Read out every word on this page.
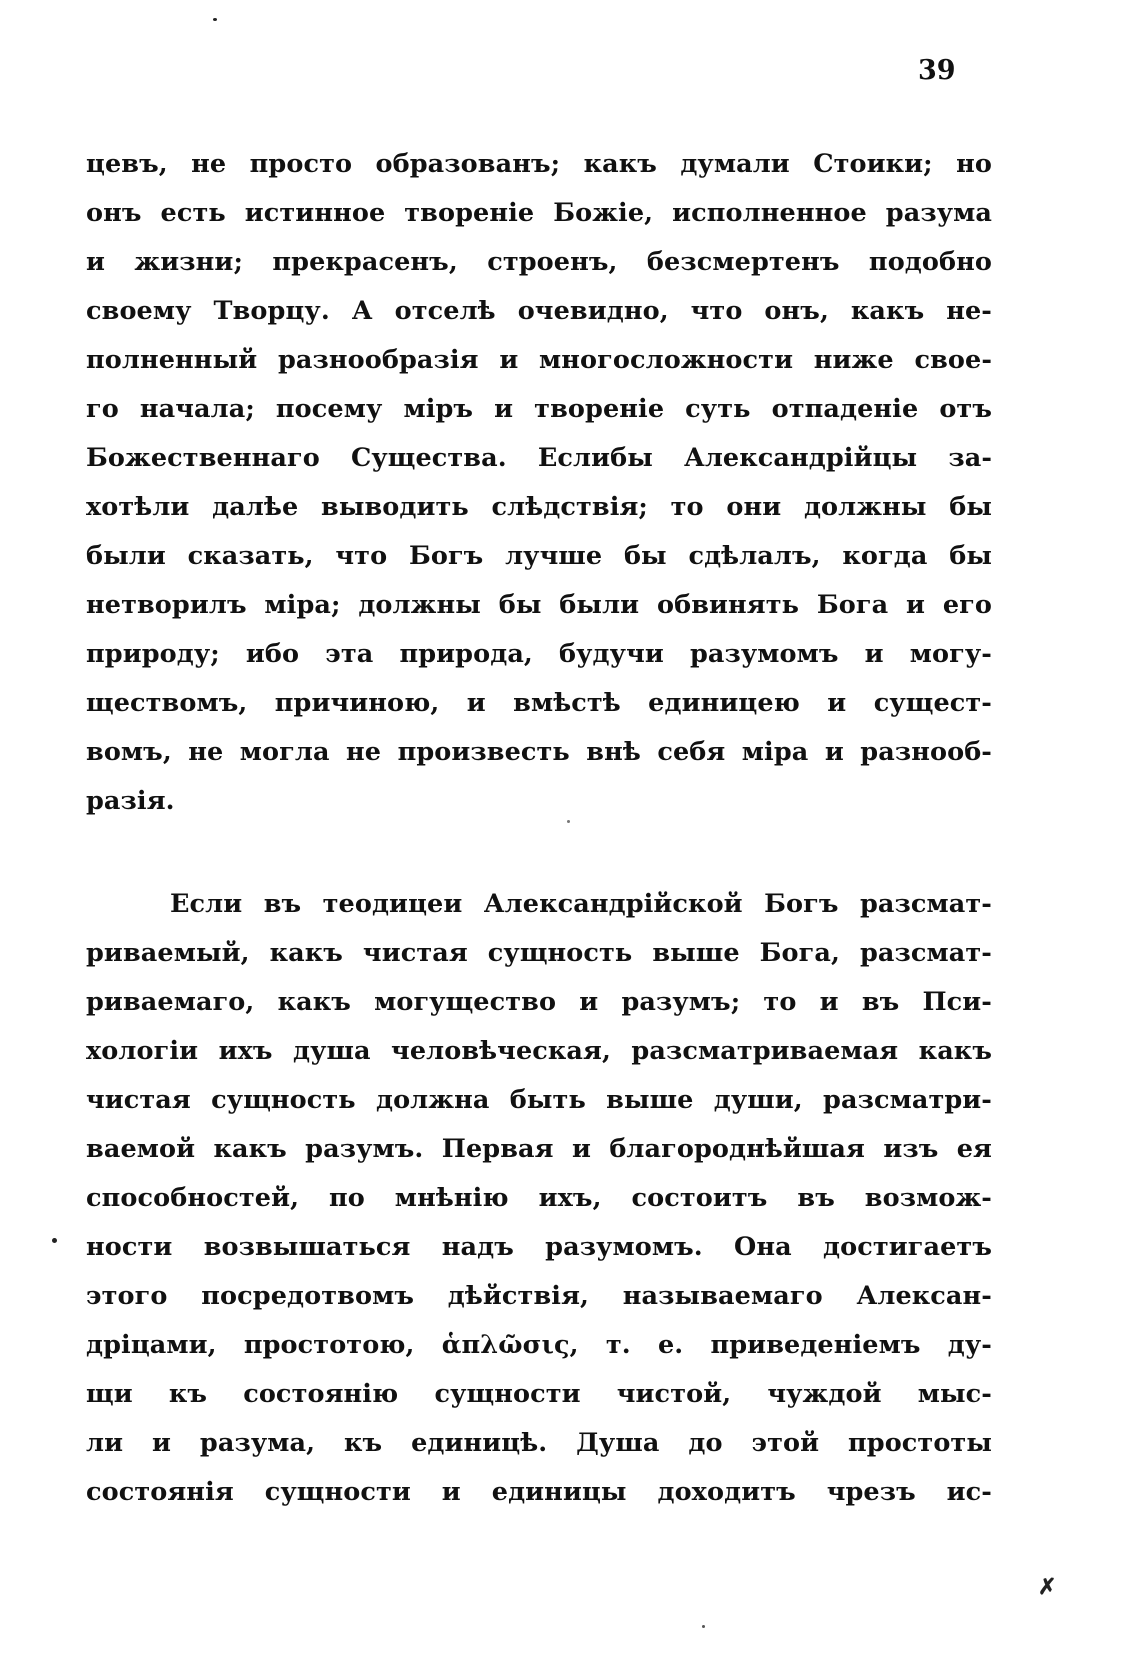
39
цевъ, не просто образованъ; какъ думали Стоики; но
онъ есть истинное твореніе Божіе, исполненное разума
и жизни; прекрасенъ, строенъ, безсмертенъ подобно
своему Творцу. А отселѣ очевидно, что онъ, какъ не-
полненный разнообразія и многосложности ниже свое-
го начала; посему міръ и твореніе суть отпаденіе отъ
Божественнаго Существа. Еслибы Александрійцы за-
хотѣли далѣе выводить слѣдствія; то они должны бы
были сказать, что Богъ лучше бы сдѣлалъ, когда бы
нетворилъ міра; должны бы были обвинять Бога и его
природу; ибо эта природа, будучи разумомъ и могу-
ществомъ, причиною, и вмѣстѣ единицею и сущест-
вомъ, не могла не произвесть внѣ себя міра и разнооб-
разія.
Если въ теодицеи Александрійской Богъ разсмат-
риваемый, какъ чистая сущность выше Бога, разсмат-
риваемаго, какъ могущество и разумъ; то и въ Пси-
хологіи ихъ душа человѣческая, разсматриваемая какъ
чистая сущность должна быть выше души, разсматри-
ваемой какъ разумъ. Первая и благороднѣйшая изъ ея
способностей, по мнѣнію ихъ, состоитъ въ возмож-
ности возвышаться надъ разумомъ. Она достигаетъ
этого посредотвомъ дѣйствія, называемаго Алексан-
дріцами, простотою, ἁπλῶσις, т. е. приведеніемъ ду-
щи къ состоянію сущности чистой, чуждой мыс-
ли и разума, къ единицѣ. Душа до этой простоты
состоянія сущности и единицы доходитъ чрезъ ис-
✗
